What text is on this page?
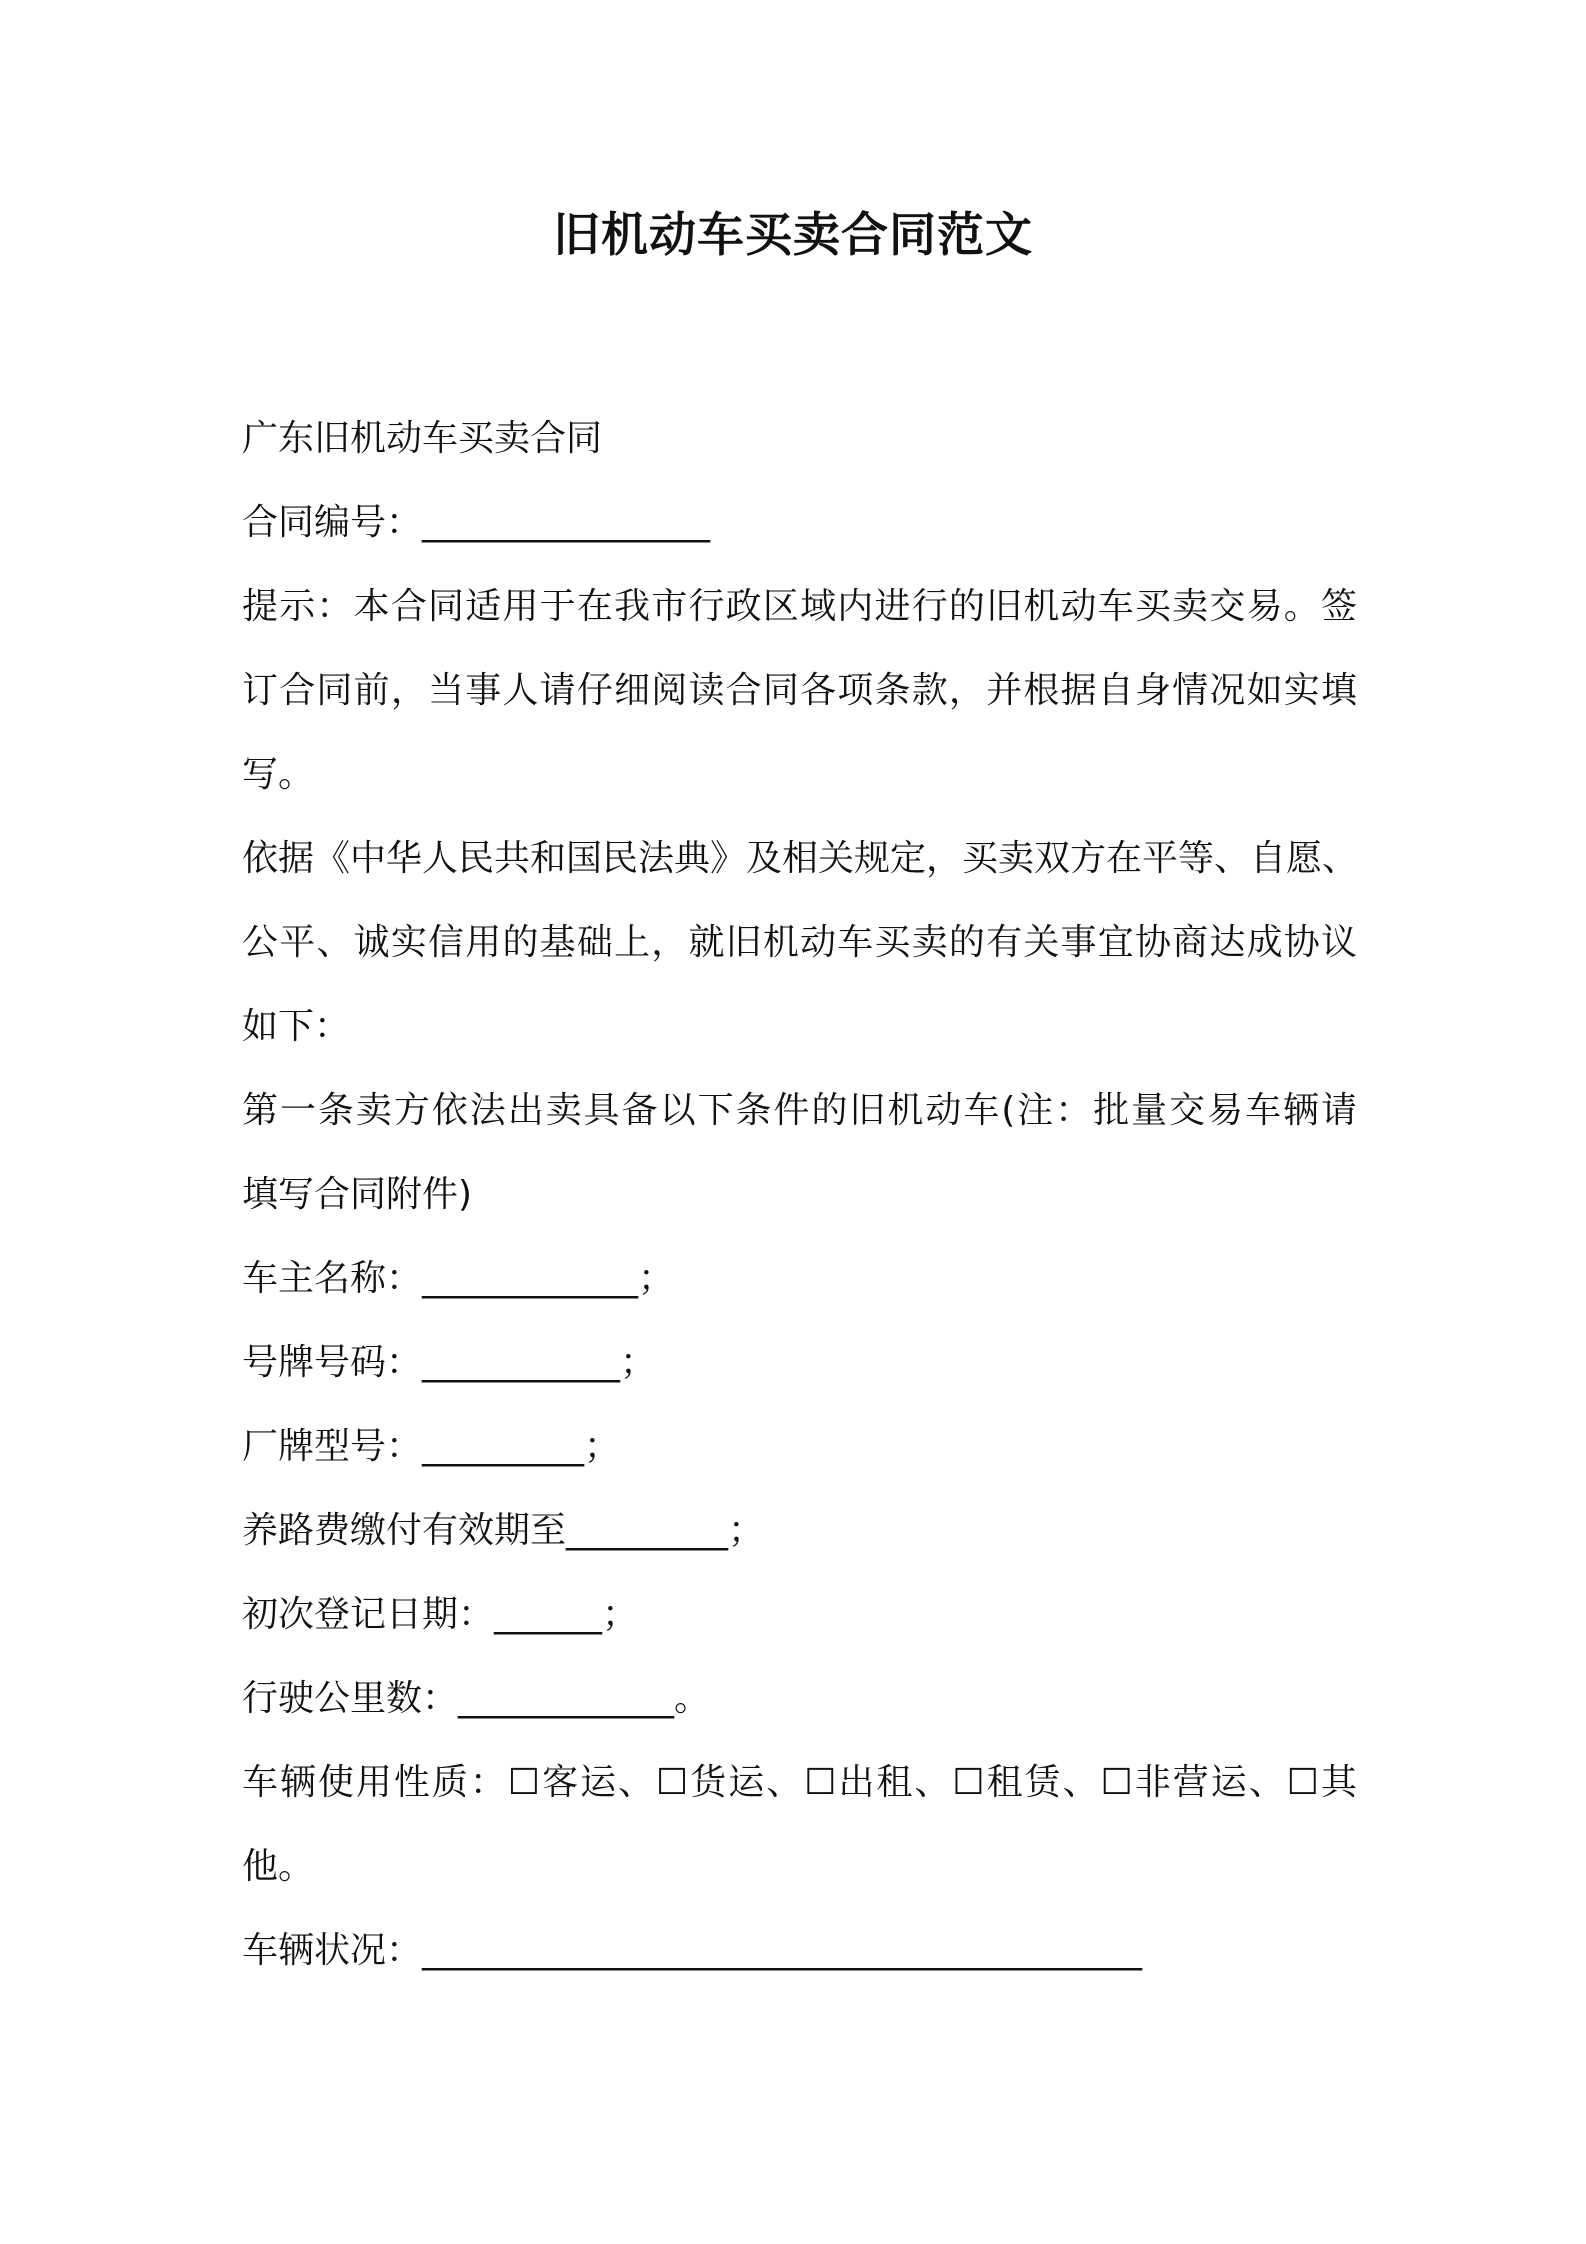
旧机动车买卖合同范文
广东旧机动车买卖合同
合同编号：________________
提示：本合同适用于在我市行政区域内进行的旧机动车买卖交易。签
订合同前，当事人请仔细阅读合同各项条款，并根据自身情况如实填
写。
依据《中华人民共和国民法典》及相关规定，买卖双方在平等、自愿、
公平、诚实信用的基础上，就旧机动车买卖的有关事宜协商达成协议
如下：
第一条卖方依法出卖具备以下条件的旧机动车(注：批量交易车辆请
填写合同附件)
车主名称：____________；
号牌号码：___________；
厂牌型号：_________；
养路费缴付有效期至_________；
初次登记日期：______；
行驶公里数：____________。
车辆使用性质：☐客运、☐货运、☐出租、☐租赁、☐非营运、☐其
他。
车辆状况：________________________________________
